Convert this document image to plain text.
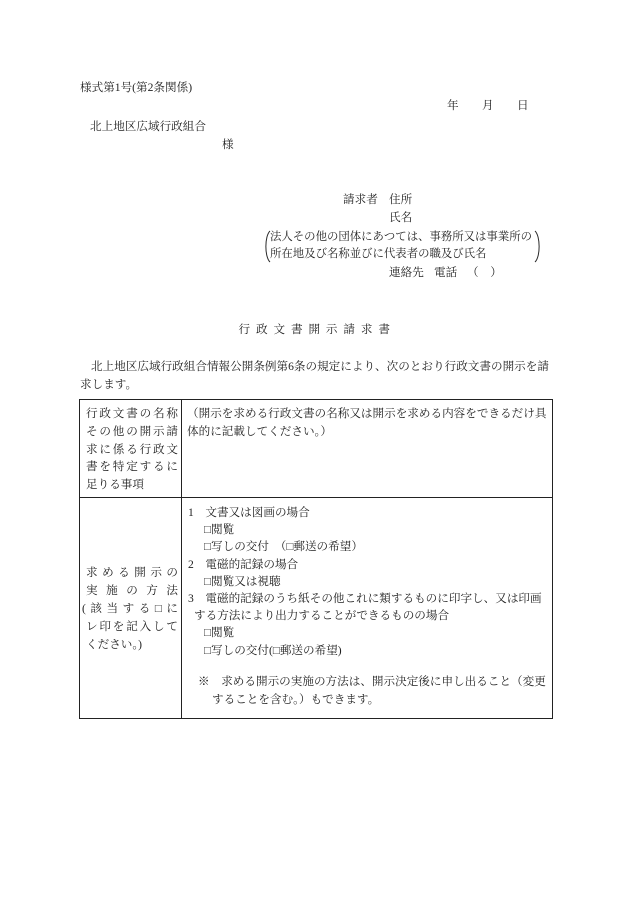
様式第1号(第2条関係)
年 月 日
北上地区広域行政組合
様
請求者 住所
氏名
法人その他の団体にあつては、事務所又は事業所の
所在地及び名称並びに代表者の職及び氏名
連絡先 電話 （　）
行 政 文 書 開 示 請 求 書
北上地区広域行政組合情報公開条例第6条の規定により、次のとおり行政文書の開示を請
求します。
行政文書の名称
その他の開示請
求に係る行政文
書を特定するに
足りる事項
（開示を求める行政文書の名称又は開示を求める内容をできるだけ具
体的に記載してください。）
求める開示の
実施の方法
(該当する□に
レ印を記入して
ください。)
1　文書又は図画の場合
□閲覧
□写しの交付　（□郵送の希望）
2　電磁的記録の場合
□閲覧又は視聴
3　電磁的記録のうち紙その他これに類するものに印字し、又は印画
する方法により出力することができるものの場合
□閲覧
□写しの交付(□郵送の希望)
※　求める開示の実施の方法は、開示決定後に申し出ること（変更
することを含む。）もできます。
